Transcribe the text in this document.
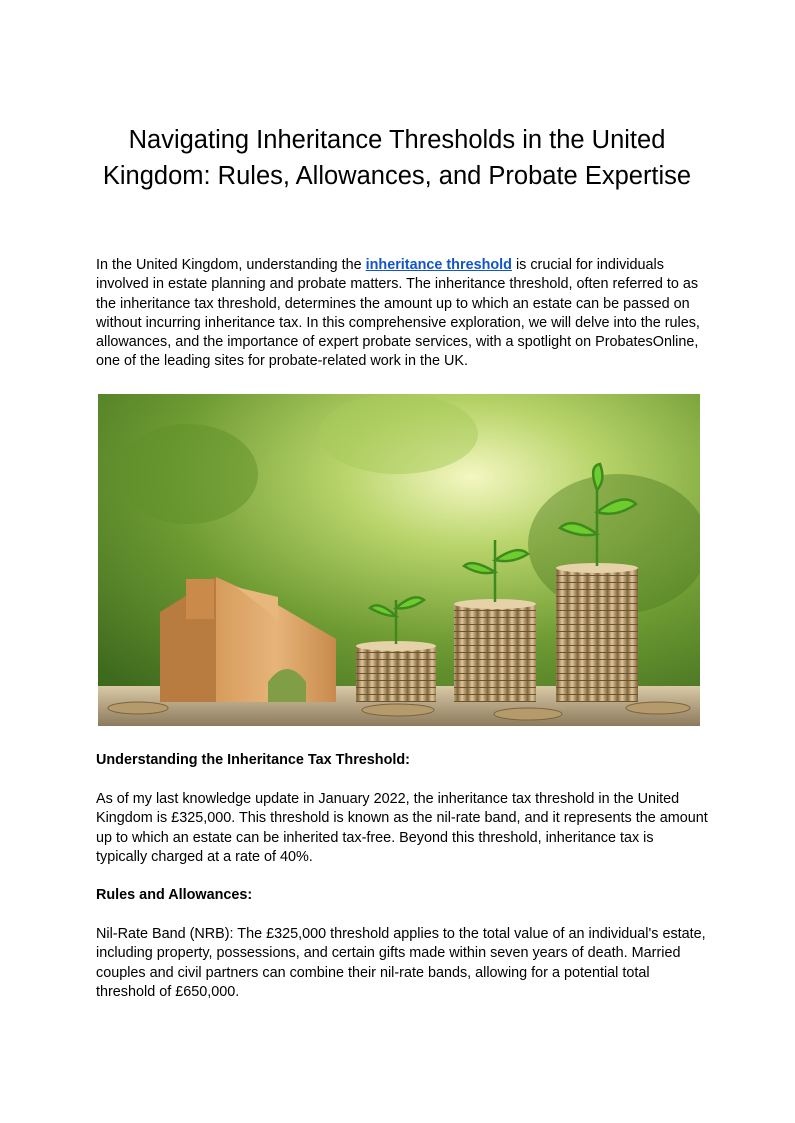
Navigating Inheritance Thresholds in the United Kingdom: Rules, Allowances, and Probate Expertise

In the United Kingdom, understanding the inheritance threshold is crucial for individuals involved in estate planning and probate matters. The inheritance threshold, often referred to as the inheritance tax threshold, determines the amount up to which an estate can be passed on without incurring inheritance tax. In this comprehensive exploration, we will delve into the rules, allowances, and the importance of expert probate services, with a spotlight on ProbatesOnline, one of the leading sites for probate-related work in the UK.

Understanding the Inheritance Tax Threshold:

As of my last knowledge update in January 2022, the inheritance tax threshold in the United Kingdom is £325,000. This threshold is known as the nil-rate band, and it represents the amount up to which an estate can be inherited tax-free. Beyond this threshold, inheritance tax is typically charged at a rate of 40%.

Rules and Allowances:

Nil-Rate Band (NRB): The £325,000 threshold applies to the total value of an individual's estate, including property, possessions, and certain gifts made within seven years of death. Married couples and civil partners can combine their nil-rate bands, allowing for a potential total threshold of £650,000.
